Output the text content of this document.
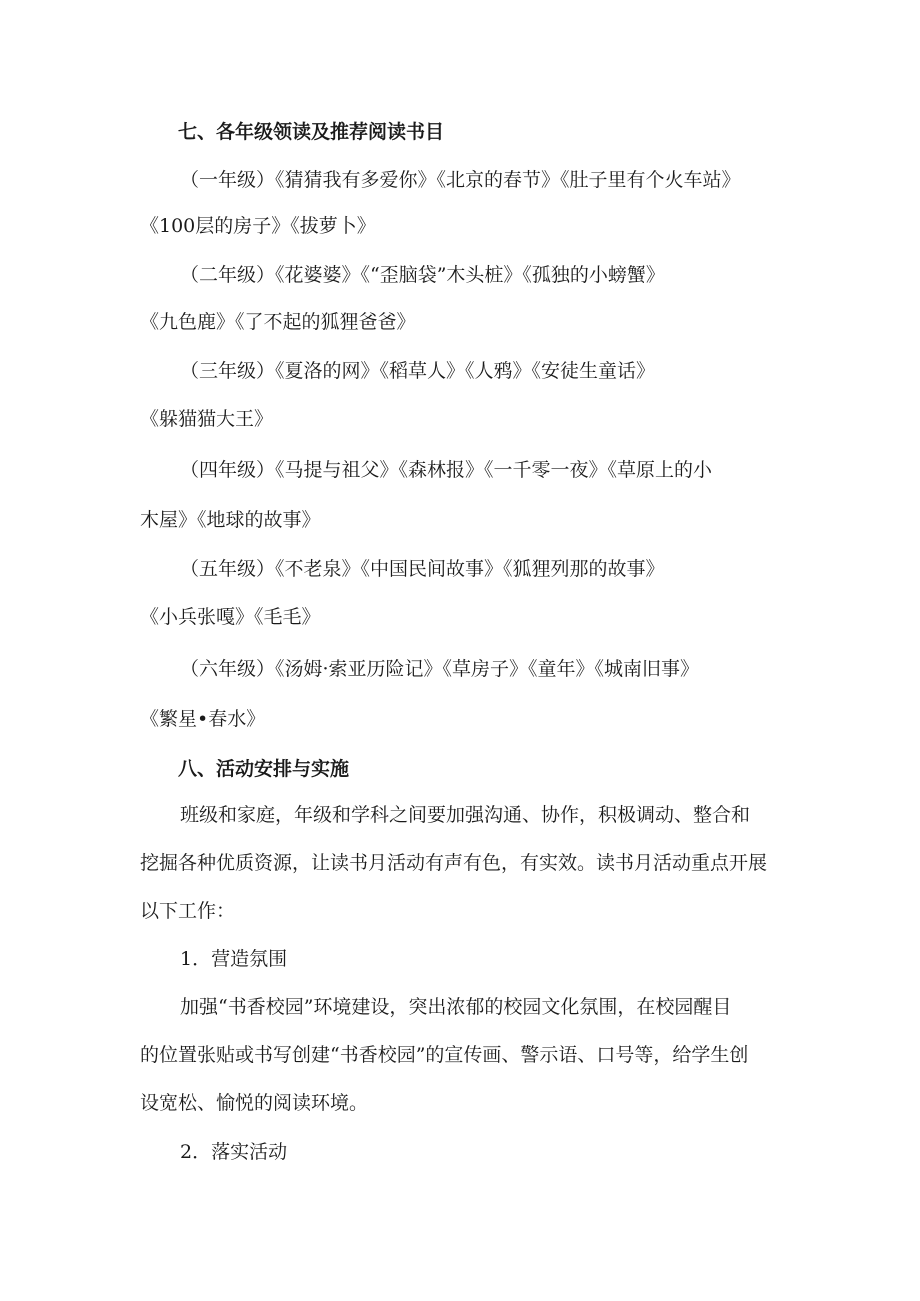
七、各年级领读及推荐阅读书目
（一年级）《猜猜我有多爱你》《北京的春节》《肚子里有个火车站》
《100层的房子》《拔萝卜》
（二年级）《花婆婆》《“歪脑袋”木头桩》《孤独的小螃蟹》
《九色鹿》《了不起的狐狸爸爸》
（三年级）《夏洛的网》《稻草人》《人鸦》《安徒生童话》
《躲猫猫大王》
（四年级）《马提与祖父》《森林报》《一千零一夜》《草原上的小
木屋》《地球的故事》
（五年级）《不老泉》《中国民间故事》《狐狸列那的故事》
《小兵张嘎》《毛毛》
（六年级）《汤姆·索亚历险记》《草房子》《童年》《城南旧事》
《繁星•春水》
八、活动安排与实施
班级和家庭，年级和学科之间要加强沟通、协作，积极调动、整合和
挖掘各种优质资源，让读书月活动有声有色，有实效。读书月活动重点开展
以下工作：
1．营造氛围
加强“书香校园”环境建设，突出浓郁的校园文化氛围，在校园醒目
的位置张贴或书写创建“书香校园”的宣传画、警示语、口号等，给学生创
设宽松、愉悦的阅读环境。
2．落实活动
